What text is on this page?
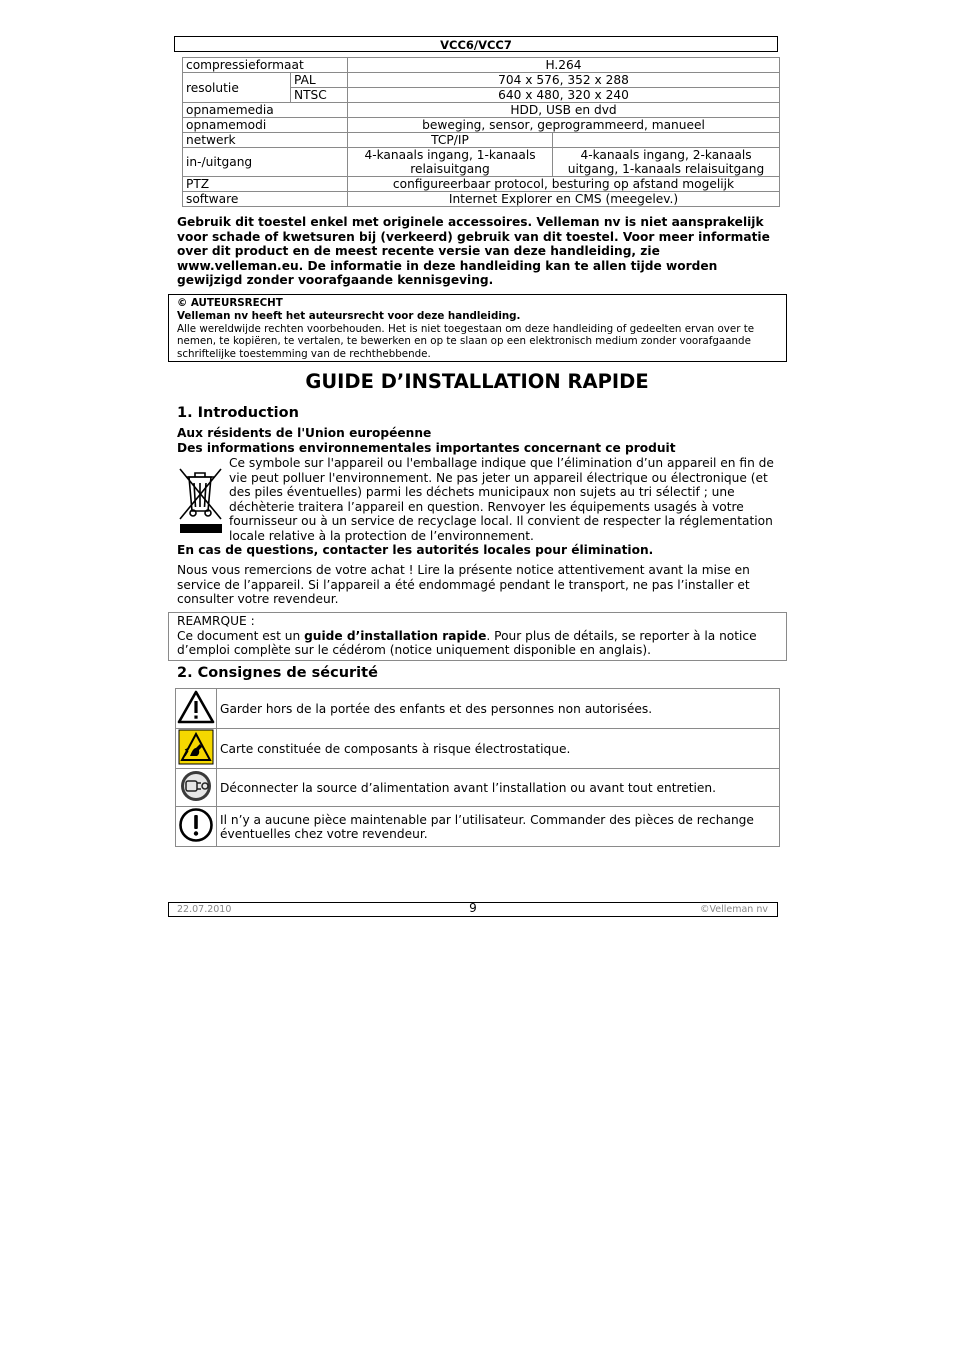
VCC6/VCC7
compressieformaat		H.264	
resolutie	PAL	704 x 576, 352 x 288	
	NTSC	640 x 480, 320 x 240	
opnamemedia		HDD, USB en dvd	
opnamemodi		beweging, sensor, geprogrammeerd, manueel	
netwerk		TCP/IP	
in-/uitgang		4-kanaals ingang, 1-kanaals relaisuitgang	4-kanaals ingang, 2-kanaals uitgang, 1-kanaals relaisuitgang
PTZ		configureerbaar protocol, besturing op afstand mogelijk	
software		Internet Explorer en CMS (meegelev.)	
Gebruik dit toestel enkel met originele accessoires. Velleman nv is niet aansprakelijk voor schade of kwetsuren bij (verkeerd) gebruik van dit toestel. Voor meer informatie over dit product en de meest recente versie van deze handleiding, zie www.velleman.eu. De informatie in deze handleiding kan te allen tijde worden gewijzigd zonder voorafgaande kennisgeving.
© AUTEURSRECHT
Velleman nv heeft het auteursrecht voor deze handleiding.
Alle wereldwijde rechten voorbehouden. Het is niet toegestaan om deze handleiding of gedeelten ervan over te nemen, te kopiëren, te vertalen, te bewerken en op te slaan op een elektronisch medium zonder voorafgaande schriftelijke toestemming van de rechthebbende.
GUIDE D’INSTALLATION RAPIDE
1. Introduction
Aux résidents de l'Union européenne
Des informations environnementales importantes concernant ce produit
Ce symbole sur l'appareil ou l'emballage indique que l’élimination d’un appareil en fin de vie peut polluer l'environnement. Ne pas jeter un appareil électrique ou électronique (et des piles éventuelles) parmi les déchets municipaux non sujets au tri sélectif ; une déchèterie traitera l’appareil en question. Renvoyer les équipements usagés à votre fournisseur ou à un service de recyclage local. Il convient de respecter la réglementation locale relative à la protection de l’environnement.
En cas de questions, contacter les autorités locales pour élimination.
Nous vous remercions de votre achat ! Lire la présente notice attentivement avant la mise en service de l’appareil. Si l’appareil a été endommagé pendant le transport, ne pas l’installer et consulter votre revendeur.
REAMRQUE :
Ce document est un guide d’installation rapide. Pour plus de détails, se reporter à la notice d’emploi complète sur le cédérom (notice uniquement disponible en anglais).
2. Consignes de sécurité
	Garder hors de la portée des enfants et des personnes non autorisées.
	Carte constituée de composants à risque électrostatique.
	Déconnecter la source d’alimentation avant l’installation ou avant tout entretien.
	Il n’y a aucune pièce maintenable par l’utilisateur. Commander des pièces de rechange éventuelles chez votre revendeur.
22.07.2010	9	©Velleman nv
